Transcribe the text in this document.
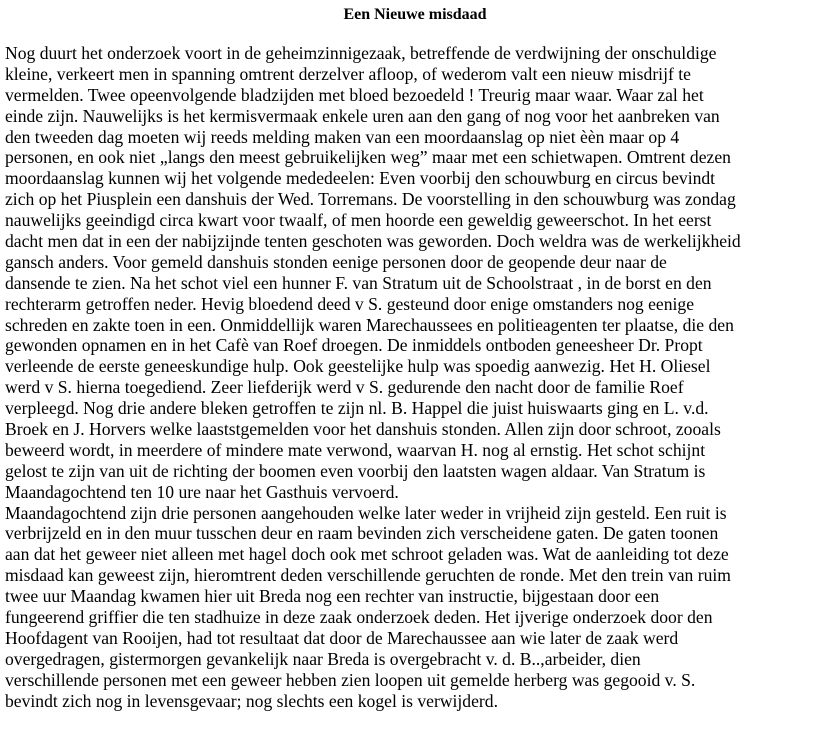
Een Nieuwe misdaad
Nog duurt het onderzoek voort in de geheimzinnigezaak, betreffende de verdwijning der onschuldige
kleine, verkeert men in spanning omtrent derzelver afloop, of wederom valt een nieuw misdrijf te
vermelden. Twee opeenvolgende bladzijden met bloed bezoedeld ! Treurig maar waar. Waar zal het
einde zijn. Nauwelijks is het kermisvermaak enkele uren aan den gang of nog voor het aanbreken van
den tweeden dag moeten wij reeds melding maken van een moordaanslag op niet èèn maar op 4
personen, en ook niet „langs den meest gebruikelijken weg” maar met een schietwapen. Omtrent dezen
moordaanslag kunnen wij het volgende mededeelen: Even voorbij den schouwburg en circus bevindt
zich op het Piusplein een danshuis der Wed. Torremans. De voorstelling in den schouwburg was zondag
nauwelijks geeindigd circa kwart voor twaalf, of men hoorde een geweldig geweerschot. In het eerst
dacht men dat in een der nabijzijnde tenten geschoten was geworden. Doch weldra was de werkelijkheid
gansch anders. Voor gemeld danshuis stonden eenige personen door de geopende deur naar de
dansende te zien. Na het schot viel een hunner F. van Stratum uit de Schoolstraat , in de borst en den
rechterarm getroffen neder. Hevig bloedend deed v S. gesteund door enige omstanders nog eenige
schreden en zakte toen in een. Onmiddellijk waren Marechaussees en politieagenten ter plaatse, die den
gewonden opnamen en in het Cafè van Roef droegen. De inmiddels ontboden geneesheer Dr. Propt
verleende de eerste geneeskundige hulp. Ook geestelijke hulp was spoedig aanwezig. Het H. Oliesel
werd v S. hierna toegediend. Zeer liefderijk werd v S. gedurende den nacht door de familie Roef
verpleegd. Nog drie andere bleken getroffen te zijn nl. B. Happel die juist huiswaarts ging en L. v.d.
Broek en J. Horvers welke laaststgemelden voor het danshuis stonden. Allen zijn door schroot, zooals
beweerd wordt, in meerdere of mindere mate verwond, waarvan H. nog al ernstig. Het schot schijnt
gelost te zijn van uit de richting der boomen even voorbij den laatsten wagen aldaar. Van Stratum is
Maandagochtend ten 10 ure naar het Gasthuis vervoerd.
Maandagochtend zijn drie personen aangehouden welke later weder in vrijheid zijn gesteld. Een ruit is
verbrijzeld en in den muur tusschen deur en raam bevinden zich verscheidene gaten. De gaten toonen
aan dat het geweer niet alleen met hagel doch ook met schroot geladen was. Wat de aanleiding tot deze
misdaad kan geweest zijn, hieromtrent deden verschillende geruchten de ronde. Met den trein van ruim
twee uur Maandag kwamen hier uit Breda nog een rechter van instructie, bijgestaan door een
fungeerend griffier die ten stadhuize in deze zaak onderzoek deden. Het ijverige onderzoek door den
Hoofdagent van Rooijen, had tot resultaat dat door de Marechaussee aan wie later de zaak werd
overgedragen, gistermorgen gevankelijk naar Breda is overgebracht v. d. B..,arbeider, dien
verschillende personen met een geweer hebben zien loopen uit gemelde herberg was gegooid v. S.
bevindt zich nog in levensgevaar; nog slechts een kogel is verwijderd.
